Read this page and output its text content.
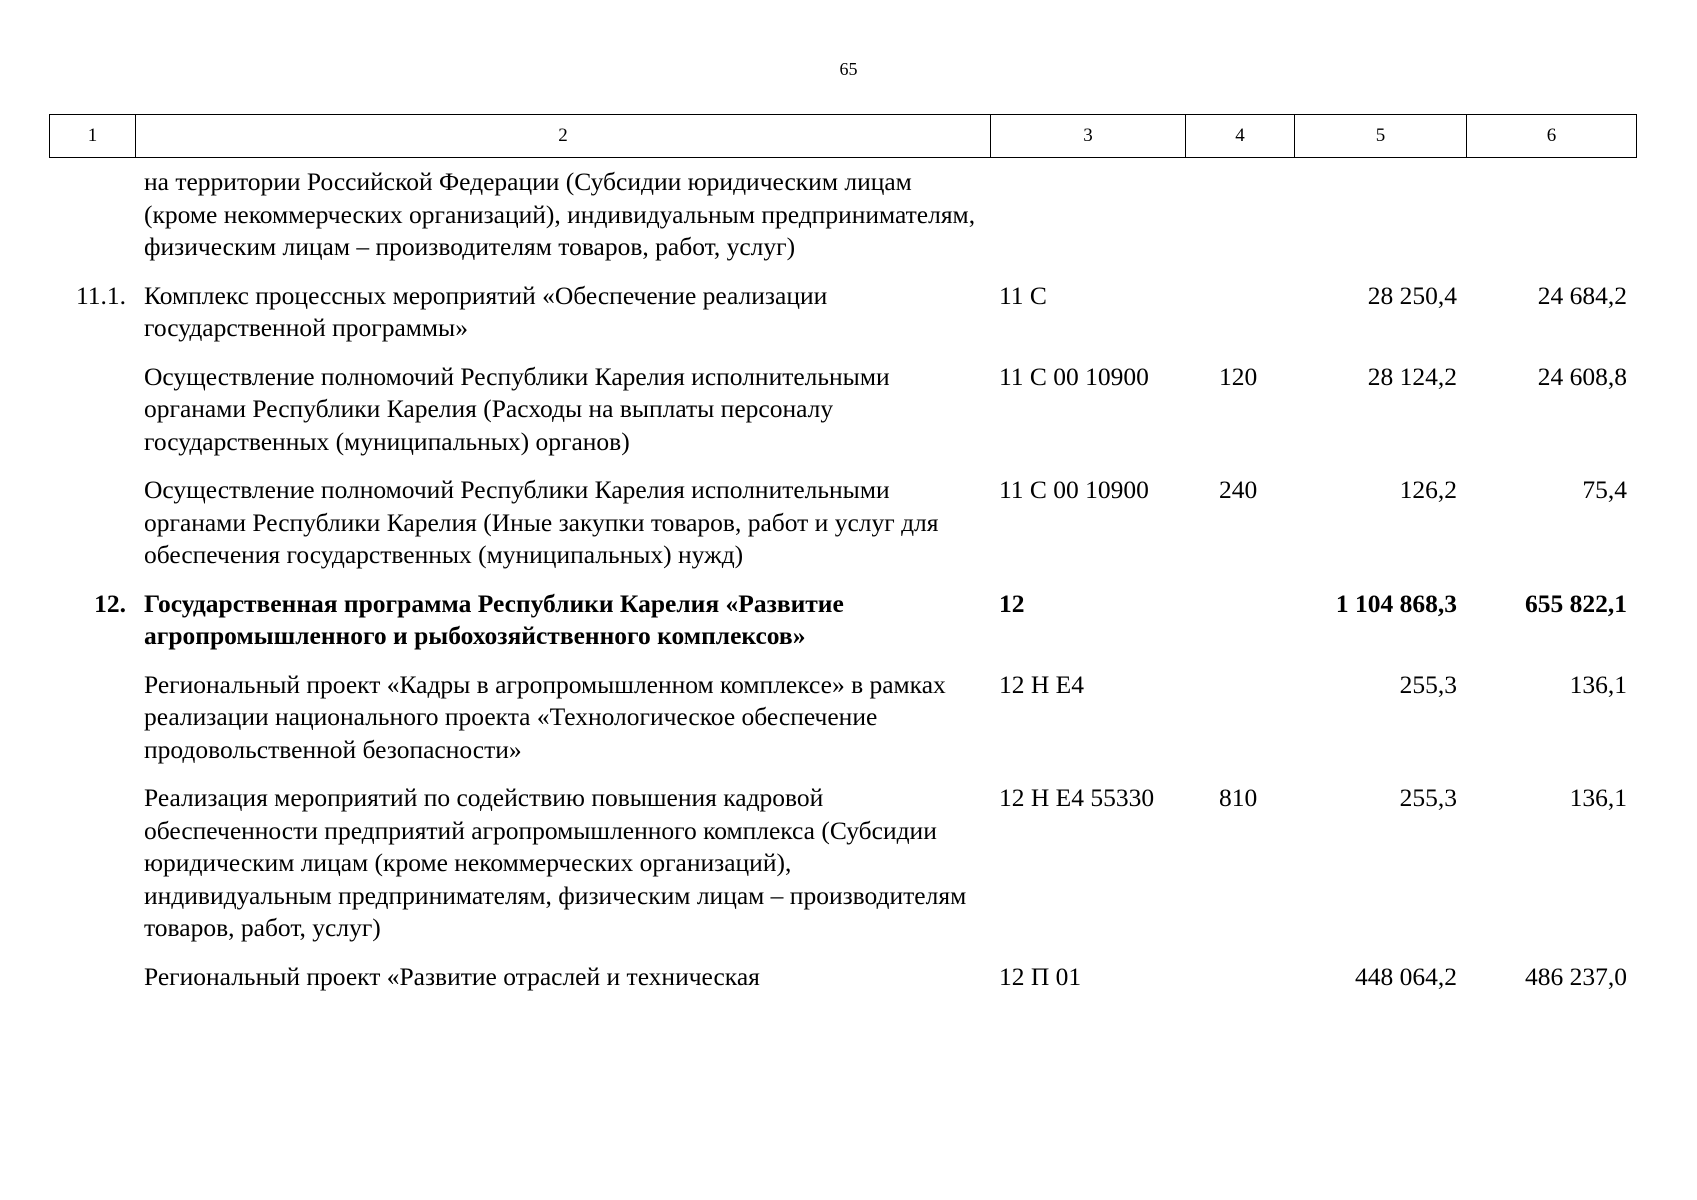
65
1	2	3	4	5	6
	на территории Российской Федерации (Субсидии юридическим лицам (кроме некоммерческих организаций), индивидуальным предпринимателям, физическим лицам – производителям товаров, работ, услуг)				
11.1.	Комплекс процессных мероприятий «Обеспечение реализации государственной программы»	11 С		28 250,4	24 684,2
	Осуществление полномочий Республики Карелия исполнительными органами Республики Карелия (Расходы на выплаты персоналу государственных (муниципальных) органов)	11 С 00 10900	120	28 124,2	24 608,8
	Осуществление полномочий Республики Карелия исполнительными органами Республики Карелия (Иные закупки товаров, работ и услуг для обеспечения государственных (муниципальных) нужд)	11 С 00 10900	240	126,2	75,4
12.	Государственная программа Республики Карелия «Развитие агропромышленного и рыбохозяйственного комплексов»	12		1 104 868,3	655 822,1
	Региональный проект «Кадры в агропромышленном комплексе» в рамках реализации национального проекта «Технологическое обеспечение продовольственной безопасности»	12 Н Е4		255,3	136,1
	Реализация мероприятий по содействию повышения кадровой обеспеченности предприятий агропромышленного комплекса (Субсидии юридическим лицам (кроме некоммерческих организаций), индивидуальным предпринимателям, физическим лицам – производителям товаров, работ, услуг)	12 Н Е4 55330	810	255,3	136,1
	Региональный проект «Развитие отраслей и техническая	12 П 01		448 064,2	486 237,0
